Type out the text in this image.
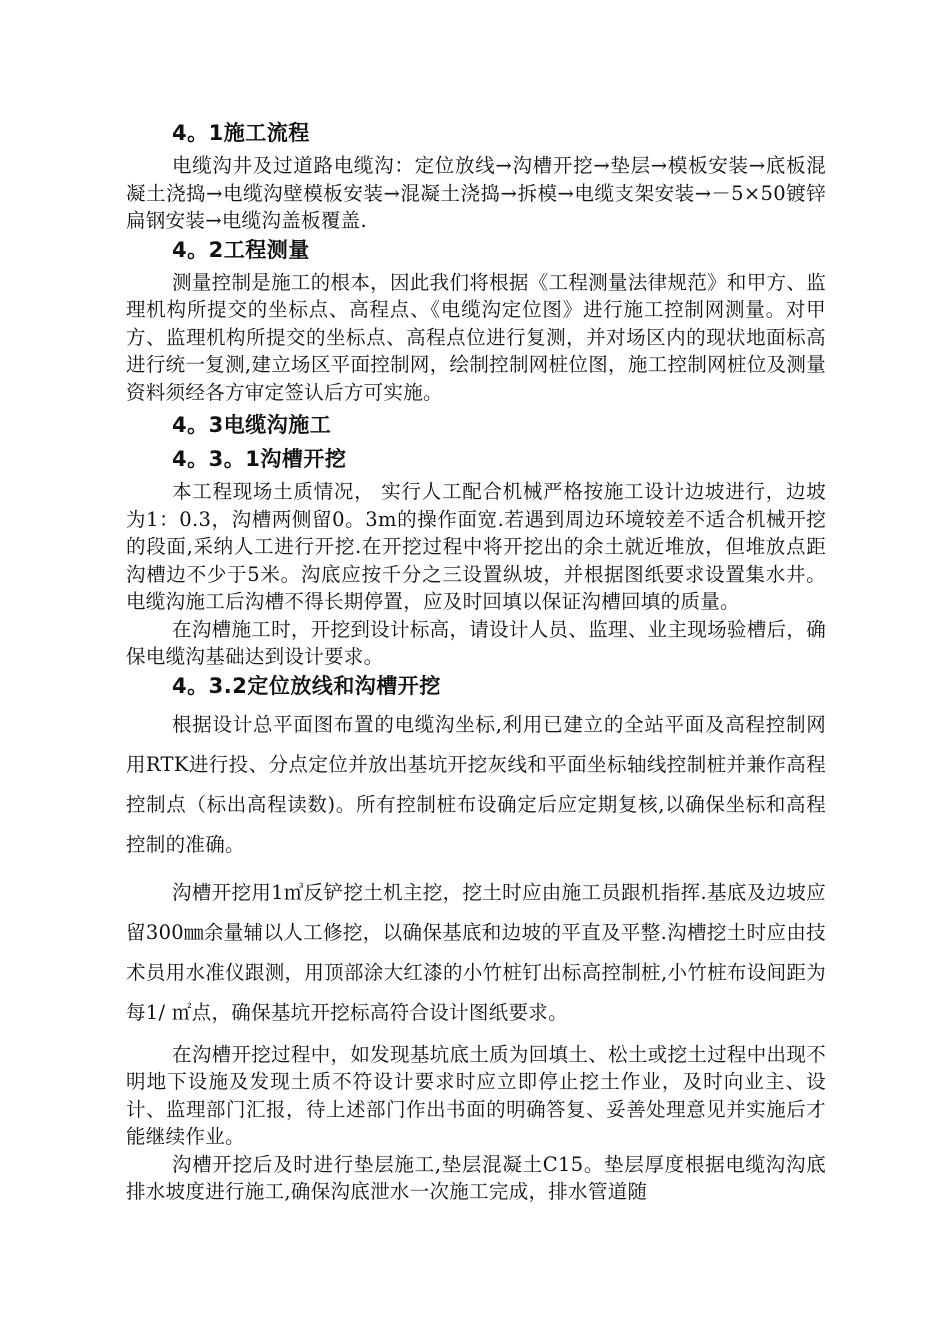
4。1施工流程

电缆沟井及过道路电缆沟：定位放线→沟槽开挖→垫层→模板安装→底板混凝土浇捣→电缆沟壁模板安装→混凝土浇捣→拆模→电缆支架安装→－5×50镀锌扁钢安装→电缆沟盖板覆盖.

4。2工程测量

测量控制是施工的根本，因此我们将根据《工程测量法律规范》和甲方、监理机构所提交的坐标点、高程点、《电缆沟定位图》进行施工控制网测量。对甲方、监理机构所提交的坐标点、高程点位进行复测，并对场区内的现状地面标高进行统一复测,建立场区平面控制网，绘制控制网桩位图，施工控制网桩位及测量资料须经各方审定签认后方可实施。

4。3电缆沟施工

4。3。1沟槽开挖

本工程现场土质情况， 实行人工配合机械严格按施工设计边坡进行，边坡为1：0.3，沟槽两侧留0。3m的操作面宽.若遇到周边环境较差不适合机械开挖的段面,采纳人工进行开挖.在开挖过程中将开挖出的余土就近堆放，但堆放点距沟槽边不少于5米。沟底应按千分之三设置纵坡，并根据图纸要求设置集水井。电缆沟施工后沟槽不得长期停置，应及时回填以保证沟槽回填的质量。

在沟槽施工时，开挖到设计标高，请设计人员、监理、业主现场验槽后，确保电缆沟基础达到设计要求。

4。3.2定位放线和沟槽开挖

根据设计总平面图布置的电缆沟坐标,利用已建立的全站平面及高程控制网用RTK进行投、分点定位并放出基坑开挖灰线和平面坐标轴线控制桩并兼作高程控制点（标出高程读数)。所有控制桩布设确定后应定期复核,以确保坐标和高程控制的准确。

沟槽开挖用1㎥反铲挖土机主挖，挖土时应由施工员跟机指挥.基底及边坡应留300㎜余量辅以人工修挖，以确保基底和边坡的平直及平整.沟槽挖土时应由技术员用水准仪跟测，用顶部涂大红漆的小竹桩钉出标高控制桩,小竹桩布设间距为每1/ ㎡点，确保基坑开挖标高符合设计图纸要求。

在沟槽开挖过程中，如发现基坑底土质为回填土、松土或挖土过程中出现不明地下设施及发现土质不符设计要求时应立即停止挖土作业，及时向业主、设计、监理部门汇报，待上述部门作出书面的明确答复、妥善处理意见并实施后才能继续作业。

沟槽开挖后及时进行垫层施工,垫层混凝土C15。垫层厚度根据电缆沟沟底排水坡度进行施工,确保沟底泄水一次施工完成，排水管道随
